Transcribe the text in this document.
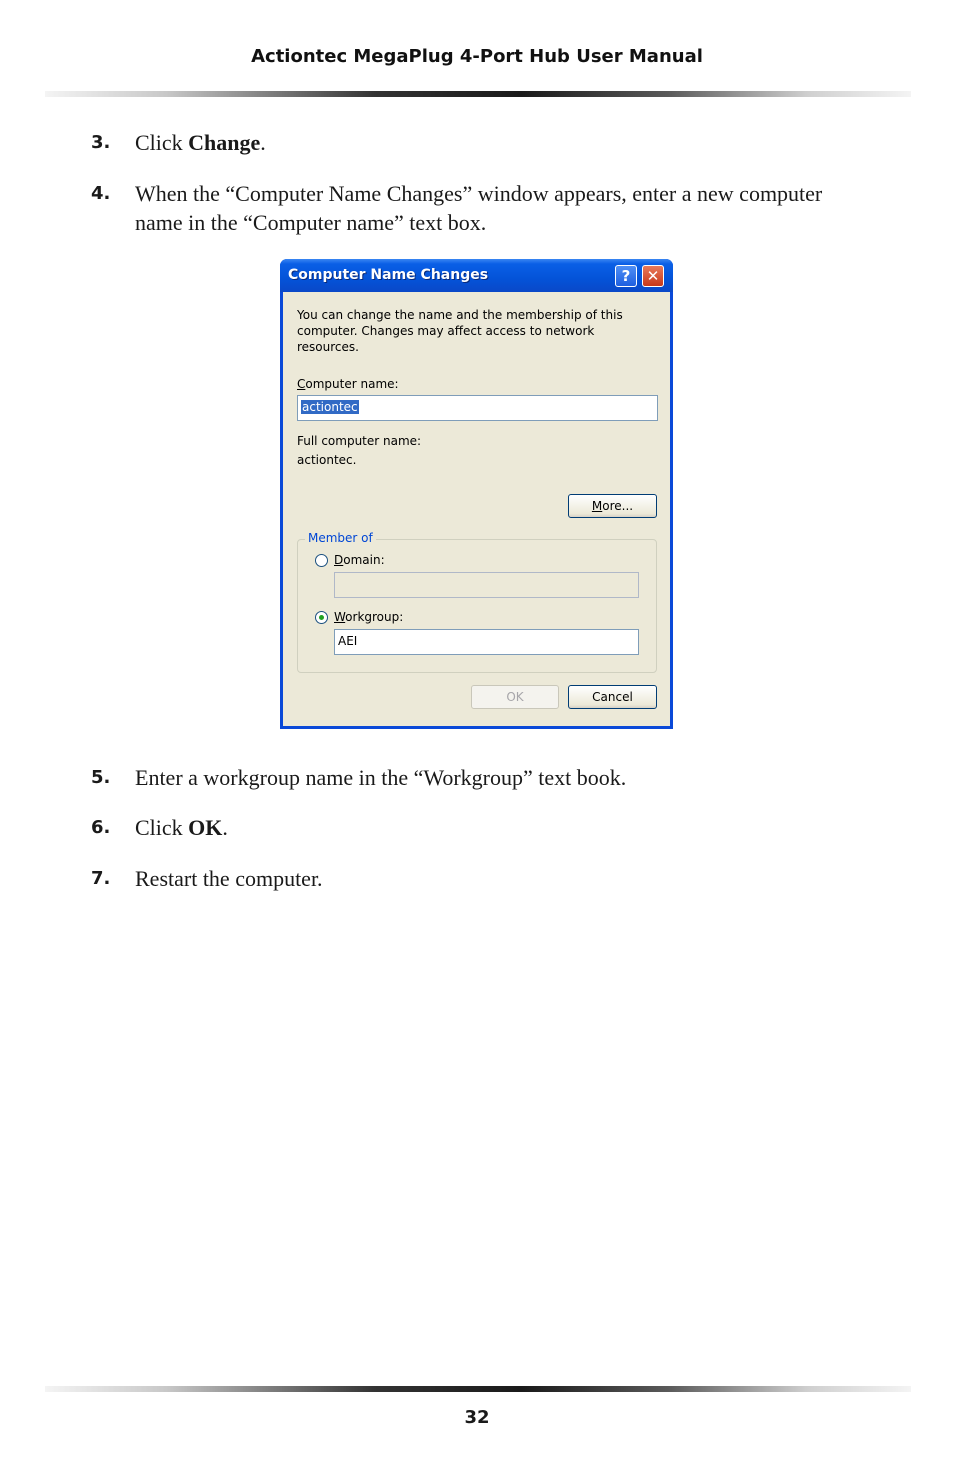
Actiontec MegaPlug 4-Port Hub User Manual
3. Click Change.
4. When the “Computer Name Changes” window appears, enter a new computer
name in the “Computer name” text box.
Computer Name Changes	?	✕
You can change the name and the membership of this computer. Changes may affect access to network resources.
Computer name:
actiontec
Full computer name:
actiontec.
More...
Member of
Domain:
Workgroup:
AEI
OK	Cancel
5. Enter a workgroup name in the “Workgroup” text book.
6. Click OK.
7. Restart the computer.
32
